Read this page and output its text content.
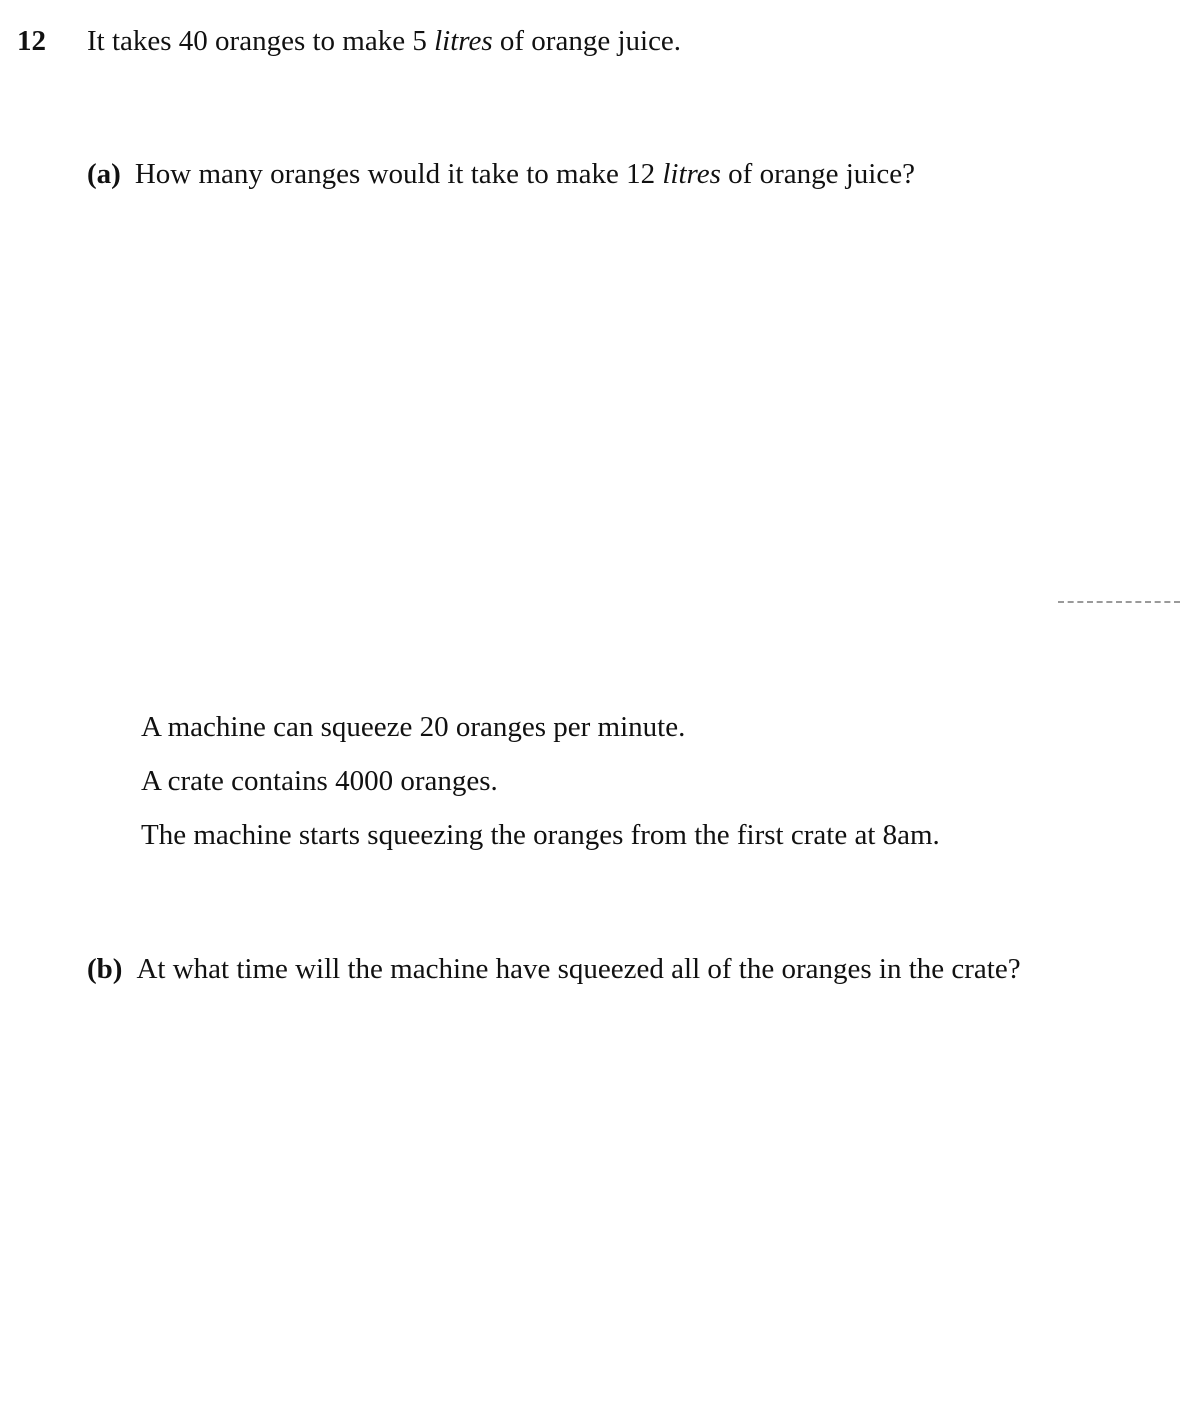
12 It takes 40 oranges to make 5 litres of orange juice.
(a) How many oranges would it take to make 12 litres of orange juice?
A machine can squeeze 20 oranges per minute.
A crate contains 4000 oranges.
The machine starts squeezing the oranges from the first crate at 8am.
(b) At what time will the machine have squeezed all of the oranges in the crate?
